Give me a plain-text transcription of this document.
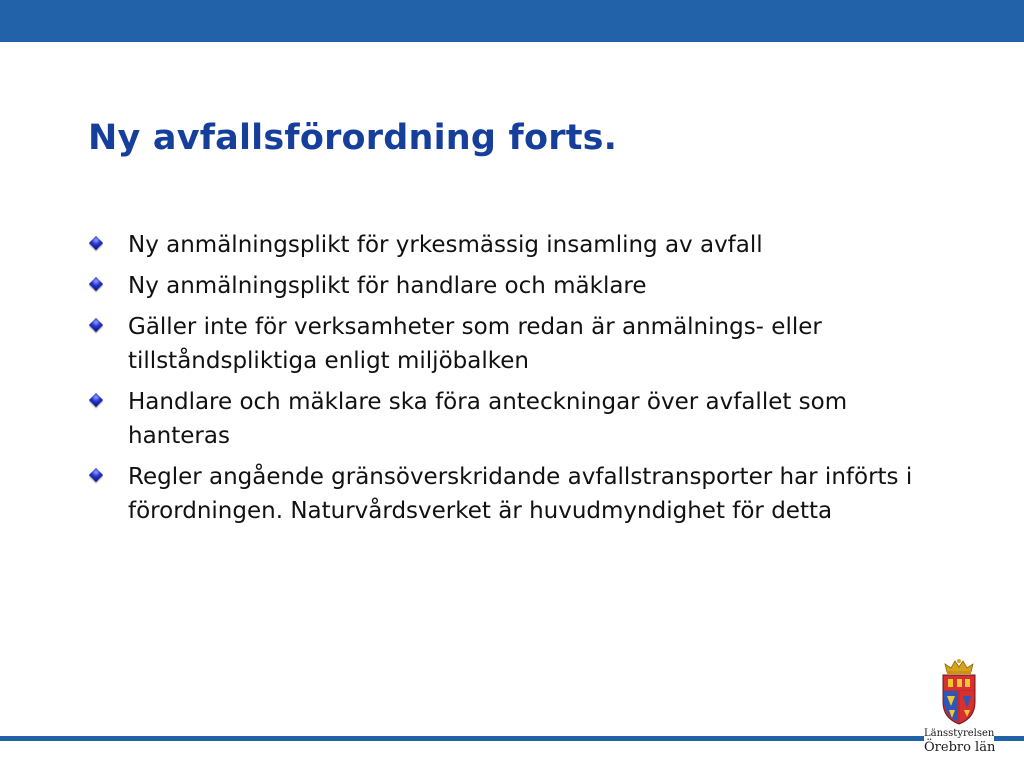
Ny avfallsförordning forts.
Ny anmälningsplikt för yrkesmässig insamling av avfall
Ny anmälningsplikt för handlare och mäklare
Gäller inte för verksamheter som redan är anmälnings- eller tillståndspliktiga enligt miljöbalken
Handlare och mäklare ska föra anteckningar över avfallet som hanteras
Regler angående gränsöverskridande avfallstransporter har införts i förordningen. Naturvårdsverket är huvudmyndighet för detta
Länsstyrelsen
Örebro län
